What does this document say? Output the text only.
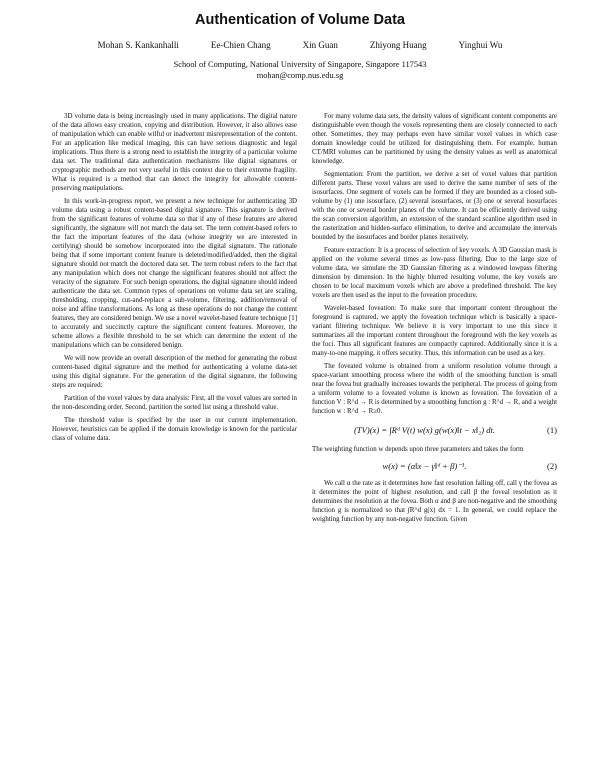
Authentication of Volume Data
Mohan S. Kankanhalli	Ee-Chien Chang	Xin Guan	Zhiyong Huang	Yinghui Wu
School of Computing, National University of Singapore, Singapore 117543
mohan@comp.nus.edu.sg

3D volume data is being increasingly used in many applications. The digital nature of the data allows easy creation, copying and distribution. However, it also allows ease of manipulation which can enable wilful or inadvertent misrepresentation of the content. For an application like medical imaging, this can have serious diagnostic and legal implications. Thus there is a strong need to establish the integrity of a particular volume data set. The traditional data authentication mechanisms like digital signatures or cryptographic methods are not very useful in this context due to their extreme fragility. What is required is a method that can detect the integrity for allowable content-preserving manipulations.

In this work-in-progress report, we present a new technique for authenticating 3D volume data using a robust content-based digital signature. This signature is derived from the significant features of volume data so that if any of these features are altered significantly, the signature will not match the data set. The term content-based refers to the fact the important features of the data (whose integrity we are interested in certifying) should be somehow incorporated into the digital signature. The rationale being that if some important content feature is deleted/modified/added, then the digital signature should not match the doctored data set. The term robust refers to the fact that any manipulation which does not change the significant features should not affect the veracity of the signature. For such benign operations, the digital signature should indeed authenticate the data set. Common types of operations on volume data set are scaling, thresholding, cropping, cut-and-replace a sub-volume, filtering, addition/removal of noise and affine transformations. As long as these operations do not change the content features, they are considered benign. We use a novel wavelet-based feature technique [1] to accurately and succinctly capture the significant content features. Moreover, the scheme allows a flexible threshold to be set which can determine the extent of the manipulations which can be considered benign.

We will now provide an overall description of the method for generating the robust content-based digital signature and the method for authenticating a volume data-set using this digital signature. For the generation of the digital signature, the following steps are required:

Partition of the voxel values by data analysis: First, all the voxel values are sorted in the non-descending order. Second, partition the sorted list using a threshold value.

The threshold value is specified by the user in our current implementation. However, heuristics can be applied if the domain knowledge is known for the particular class of volume data.

For many volume data sets, the density values of significant content components are distinguishable even though the voxels representing them are closely connected to each other. Sometimes, they may perhaps even have similar voxel values in which case domain knowledge could be utilized for distinguishing them. For example, human CT/MRI volumes can be partitioned by using the density values as well as anatomical knowledge.

Segmentation: From the partition, we derive a set of voxel values that partition different parts. These voxel values are used to derive the same number of sets of the isosurfaces. One segment of voxels can be formed if they are bounded as a closed sub-volume by (1) one isosurface, (2) several isosurfaces, or (3) one or several isosurfaces with the one or several border planes of the volume. It can be efficiently derived using the scan conversion algorithm, an extension of the standard scanline algorithm used in the rasterization and hidden-surface elimination, to derive and accumulate the intervals bounded by the isosurfaces and border planes iteratively.

Feature extraction: It is a process of selection of key voxels. A 3D Gaussian mask is applied on the volume several times as low-pass filtering. Due to the large size of volume data, we simulate the 3D Gaussian filtering as a windowed lowpass filtering dimension by dimension. In the highly blurred resulting volume, the key voxels are chosen to be local maximum voxels which are above a predefined threshold. The key voxels are then used as the input to the foveation procedure.

Wavelet-based foveation: To make sure that important content throughout the foreground is captured, we apply the foveation technique which is basically a space-variant filtering technique. We believe it is very important to use this since it summarizes all the important content throughout the foreground with the key voxels as the foci. Thus all significant features are compactly captured. Additionally since it is a many-to-one mapping, it offers security. Thus, this information can be used as a key.

The foveated volume is obtained from a uniform resolution volume through a space-variant smoothing process where the width of the smoothing function is small near the fovea but gradually increases towards the peripheral. The process of going from a uniform volume to a foveated volume is known as foveation. The foveation of a function V : R^d → R is determined by a smoothing function g : R^d → R, and a weight function w : R^d → R≥0.

(TV)(x) = ∫Rᵈ V(t) w(x) g(w(x)‖t − x‖₂) dt.	(1)

The weighting function w depends upon three parameters and takes the form

w(x) = (α‖x − γ‖ᵈ + β)⁻¹.	(2)

We call α the rate as it determines how fast resolution falling off, call γ the fovea as it determines the point of highest resolution, and call β the foveal resolution as it determines the resolution at the fovea. Both α and β are non-negative and the smoothing function g is normalized so that ∫R^d g(x) dx = 1. In general, we could replace the weighting function by any non-negative function. Given
